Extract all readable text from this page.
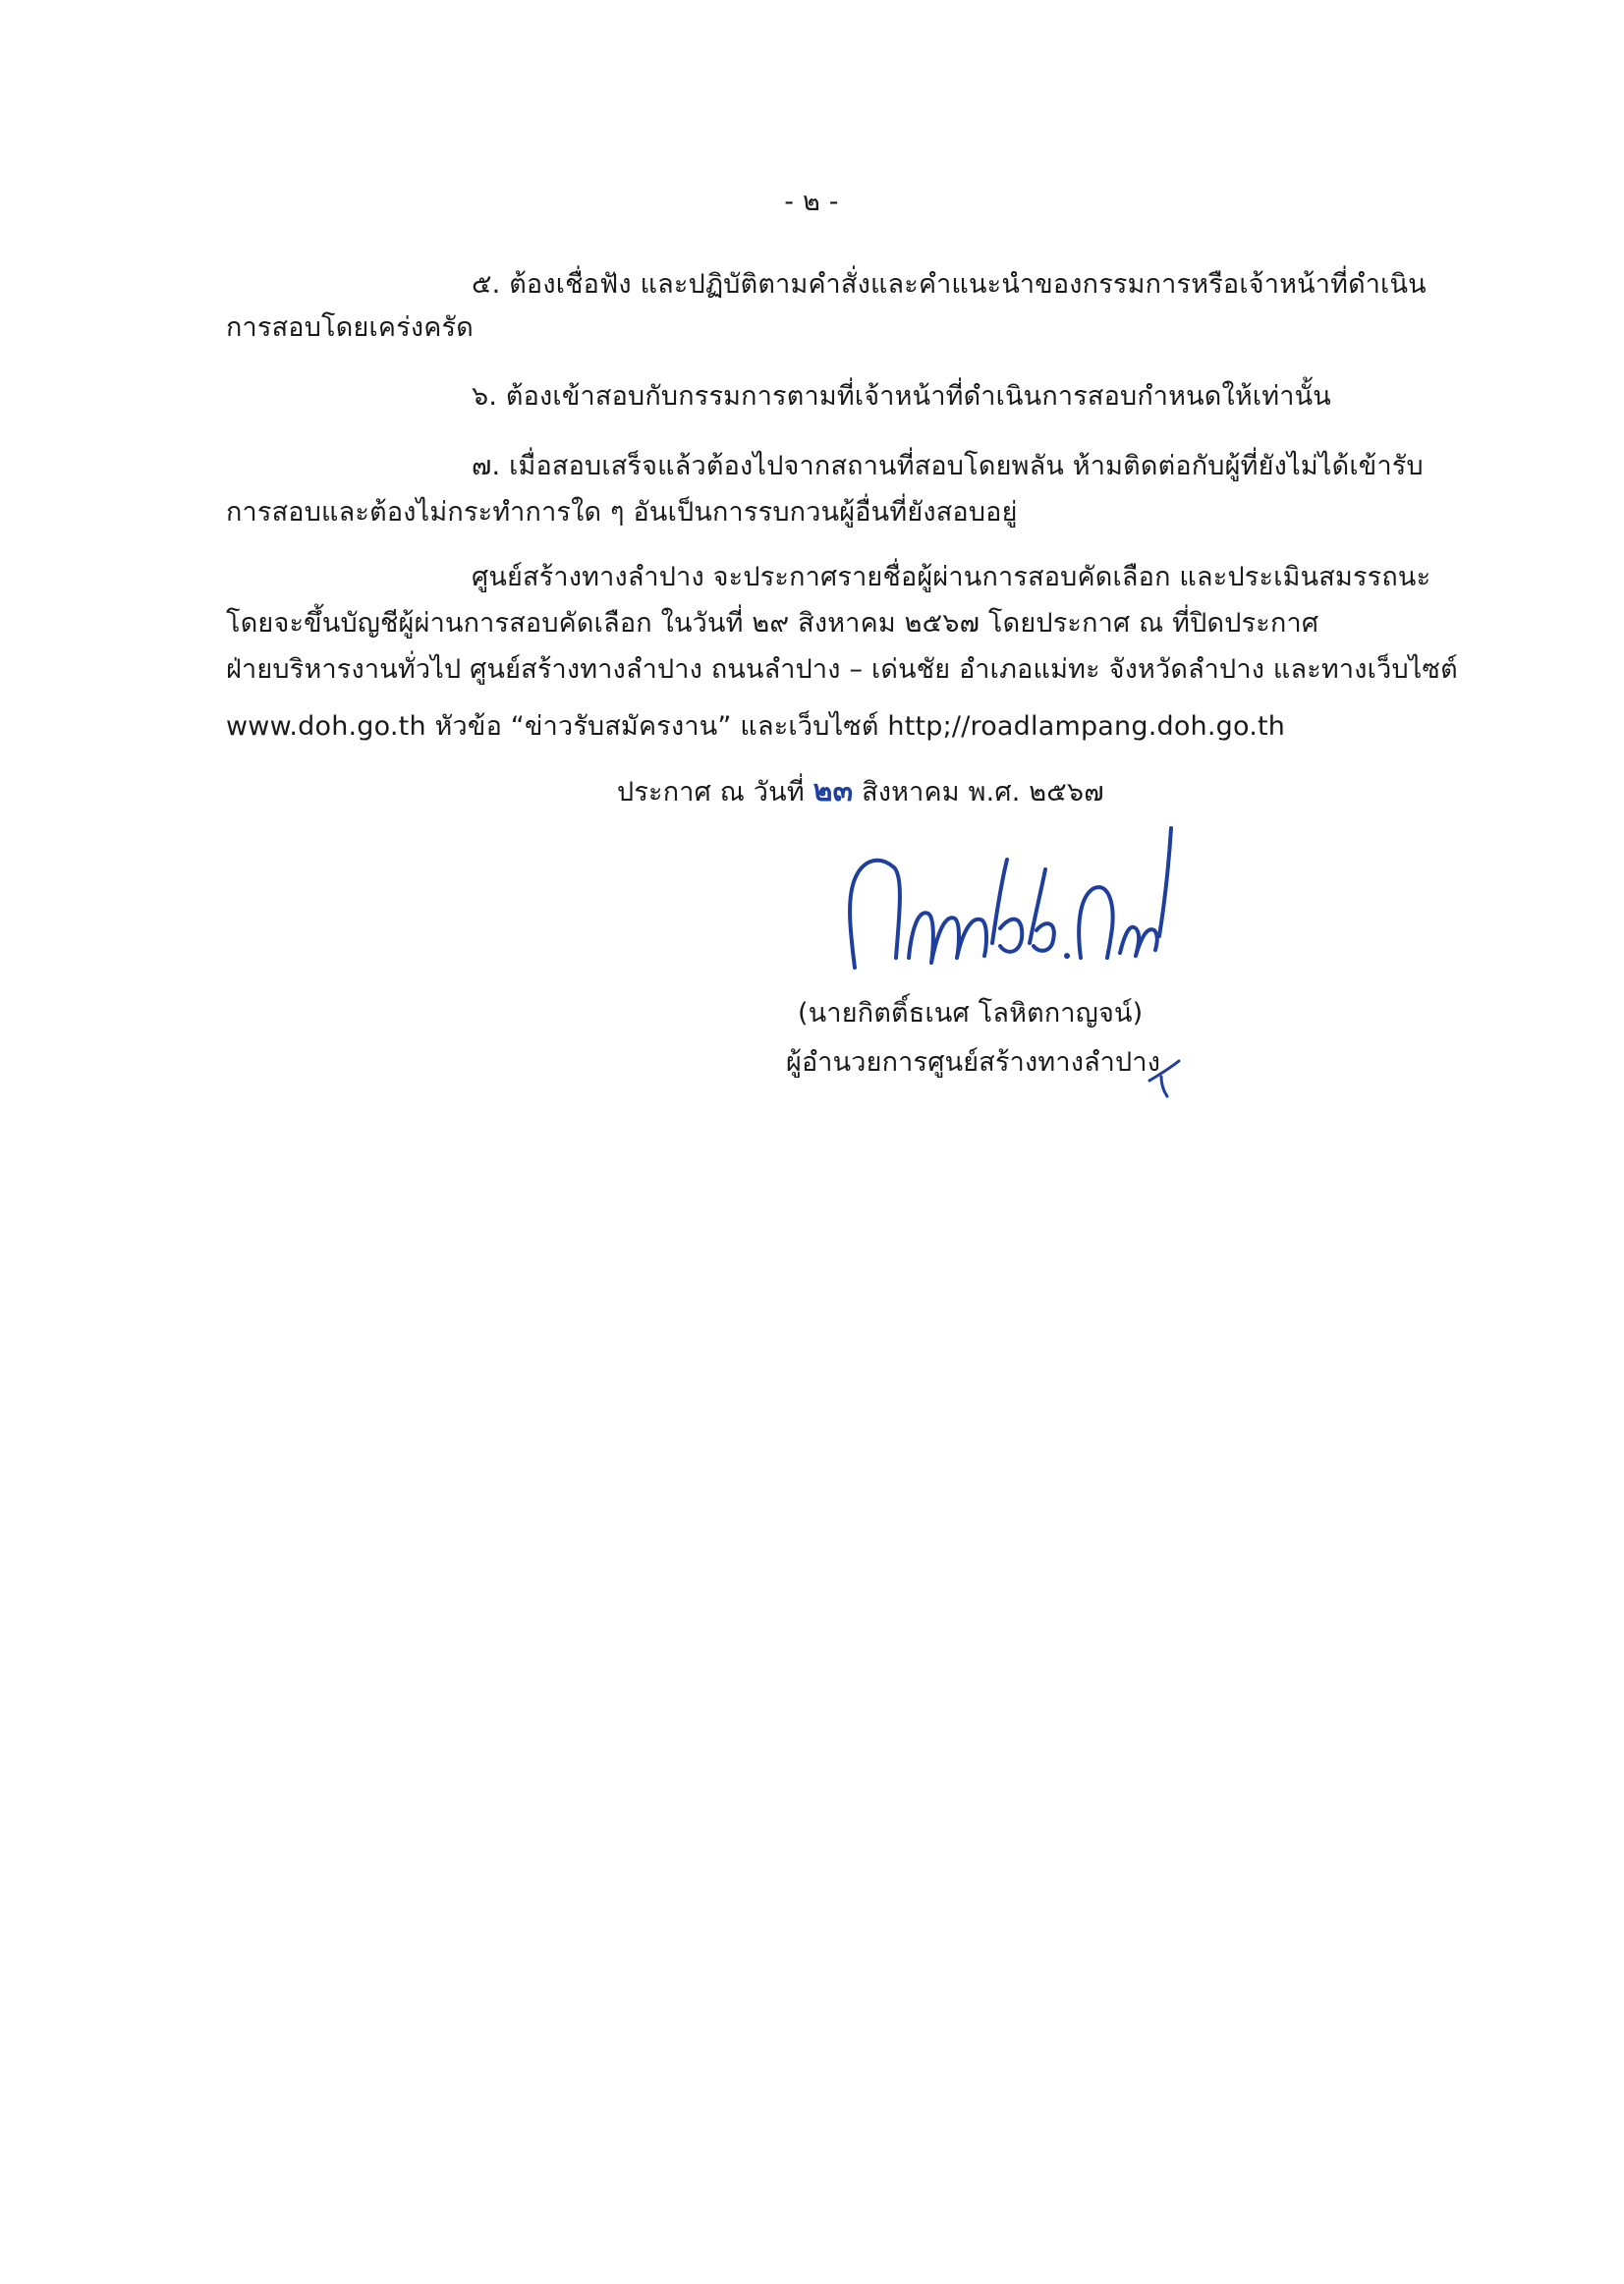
- ๒ -
๕. ต้องเชื่อฟัง และปฏิบัติตามคำสั่งและคำแนะนำของกรรมการหรือเจ้าหน้าที่ดำเนิน
การสอบโดยเคร่งครัด
๖. ต้องเข้าสอบกับกรรมการตามที่เจ้าหน้าที่ดำเนินการสอบกำหนดให้เท่านั้น
๗. เมื่อสอบเสร็จแล้วต้องไปจากสถานที่สอบโดยพลัน ห้ามติดต่อกับผู้ที่ยังไม่ได้เข้ารับ
การสอบและต้องไม่กระทำการใด ๆ อันเป็นการรบกวนผู้อื่นที่ยังสอบอยู่
ศูนย์สร้างทางลำปาง จะประกาศรายชื่อผู้ผ่านการสอบคัดเลือก และประเมินสมรรถนะ
โดยจะขึ้นบัญชีผู้ผ่านการสอบคัดเลือก ในวันที่ ๒๙ สิงหาคม ๒๕๖๗ โดยประกาศ ณ ที่ปิดประกาศ
ฝ่ายบริหารงานทั่วไป ศูนย์สร้างทางลำปาง ถนนลำปาง – เด่นชัย อำเภอแม่ทะ จังหวัดลำปาง และทางเว็บไซต์
www.doh.go.th หัวข้อ “ข่าวรับสมัครงาน” และเว็บไซต์ http;//roadlampang.doh.go.th
ประกาศ ณ วันที่ ๒๓ สิงหาคม พ.ศ. ๒๕๖๗
(นายกิตติ์ธเนศ โลหิตกาญจน์)
ผู้อำนวยการศูนย์สร้างทางลำปาง
